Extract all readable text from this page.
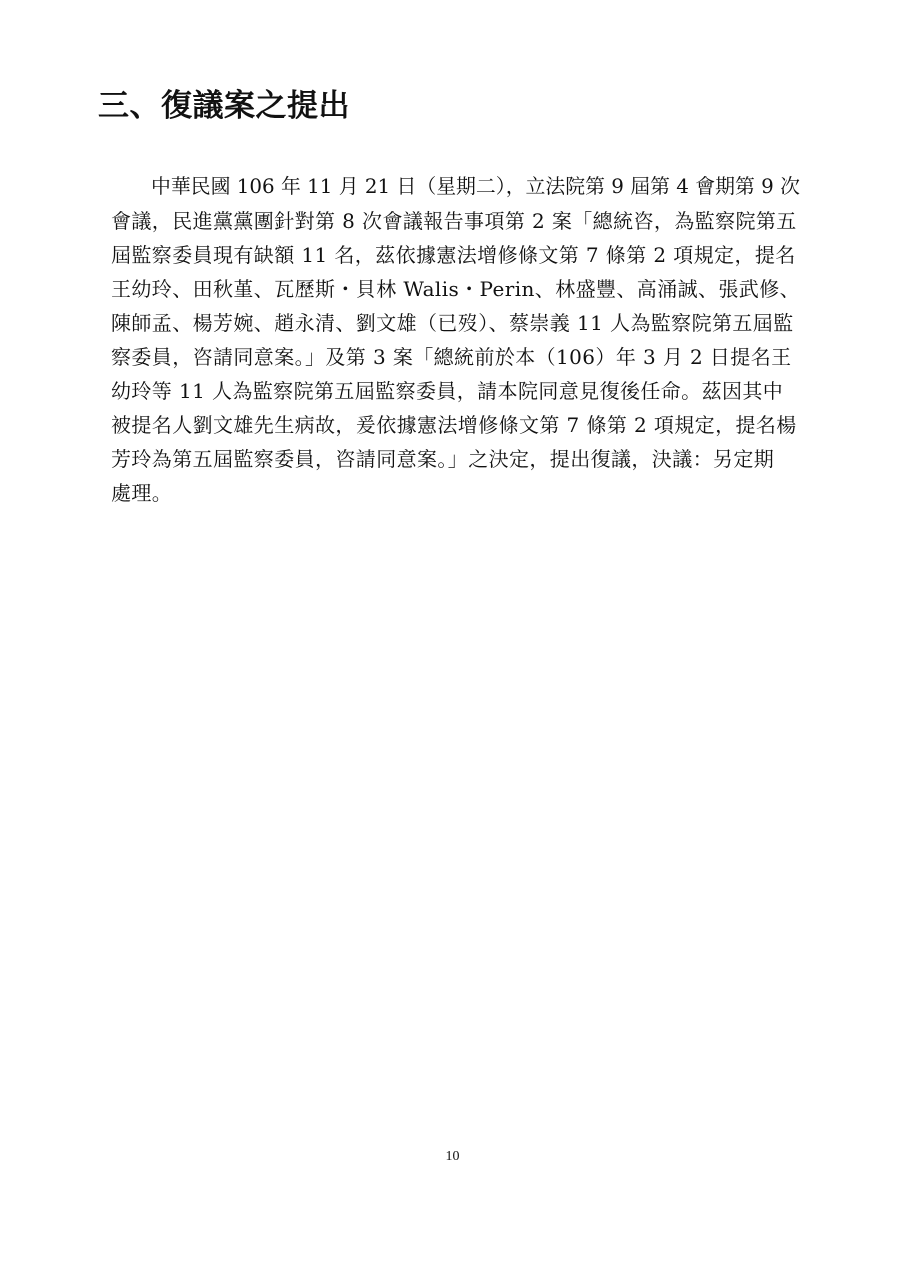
三、復議案之提出
中華民國 106 年 11 月 21 日（星期二），立法院第 9 屆第 4 會期第 9 次
會議，民進黨黨團針對第 8 次會議報告事項第 2 案「總統咨，為監察院第五
屆監察委員現有缺額 11 名，茲依據憲法增修條文第 7 條第 2 項規定，提名
王幼玲、田秋堇、瓦歷斯・貝林 Walis・Perin、林盛豐、高涌誠、張武修、
陳師孟、楊芳婉、趙永清、劉文雄（已歿）、蔡崇義 11 人為監察院第五屆監
察委員，咨請同意案。」及第 3 案「總統前於本（106）年 3 月 2 日提名王
幼玲等 11 人為監察院第五屆監察委員，請本院同意見復後任命。茲因其中
被提名人劉文雄先生病故，爰依據憲法增修條文第 7 條第 2 項規定，提名楊
芳玲為第五屆監察委員，咨請同意案。」之決定，提出復議，決議：另定期
處理。
10
